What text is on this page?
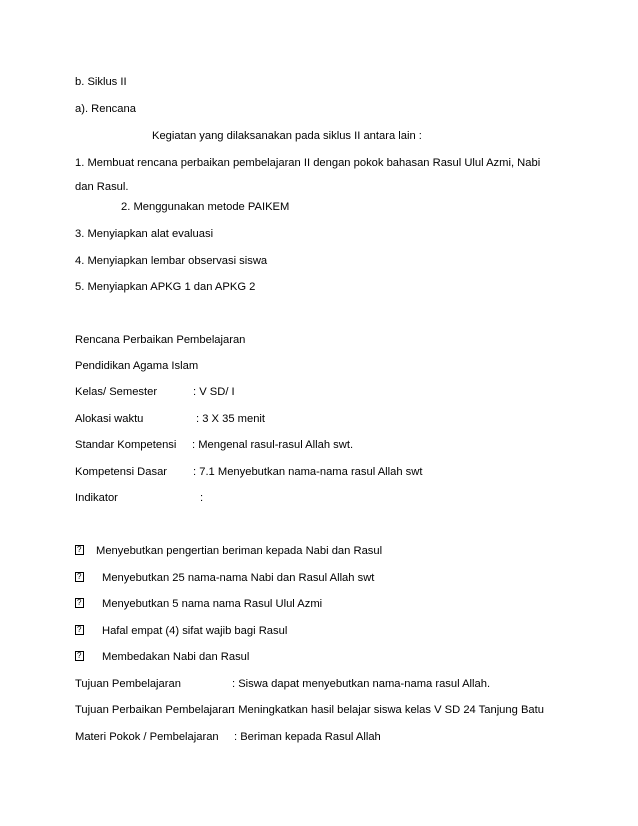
b. Siklus II
a). Rencana
Kegiatan yang dilaksanakan pada siklus II antara lain :
1. Membuat rencana perbaikan pembelajaran II dengan pokok bahasan Rasul Ulul Azmi, Nabi dan Rasul.
2. Menggunakan metode PAIKEM
3. Menyiapkan alat evaluasi
4. Menyiapkan lembar observasi siswa
5. Menyiapkan APKG 1 dan APKG 2
Rencana Perbaikan Pembelajaran
Pendidikan Agama Islam
Kelas/ Semester	: V SD/ I
Alokasi waktu	: 3 X 35 menit
Standar Kompetensi : Mengenal rasul-rasul Allah swt.
Kompetensi Dasar : 7.1 Menyebutkan nama-nama rasul Allah swt
Indikator	:
?
Menyebutkan pengertian beriman kepada Nabi dan Rasul
?
Menyebutkan 25 nama-nama Nabi dan Rasul Allah swt
?
Menyebutkan 5 nama nama Rasul Ulul Azmi
?
Hafal empat (4) sifat wajib bagi Rasul
?
Membedakan Nabi dan Rasul
Tujuan Pembelajaran	: Siswa dapat menyebutkan nama-nama rasul Allah.
Tujuan Perbaikan Pembelajaran
: Meningkatkan hasil belajar siswa kelas V SD 24 Tanjung Batu
Materi Pokok / Pembelajaran : Beriman kepada Rasul Allah
